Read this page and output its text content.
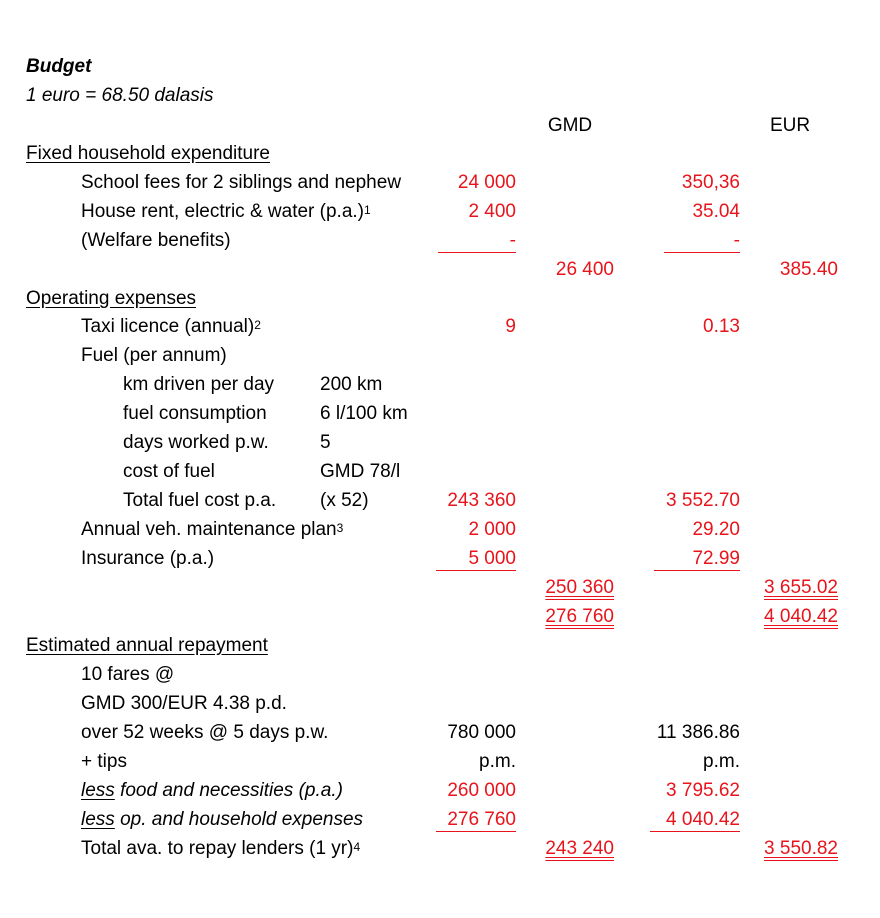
Budget
1 euro = 68.50 dalasis
GMD	EUR
Fixed household expenditure
School fees for 2 siblings and nephew	24 000	350,36
House rent, electric & water $(p.a.)^1$	2 400	35.04
(Welfare benefits)	-	-
26 400	385.40
Operating expenses
Taxi licence (annual)$^2$	9	0.13
Fuel (per annum)
km driven per day 200 km
fuel consumption	6 l/100 km
days worked p.w.	5
cost of fuel	GMD 78/l
Total fuel cost p.a. (x 52)	243 360	3 552.70
Annual veh. maintenance plan$^3$	2 000	29.20
Insurance (p.a.)	5 000	72.99
250 360	3 655.02
276 760	4 040.42
Estimated annual repayment
10 fares @
GMD 300/EUR 4.38 p.d.
over 52 weeks @ 5 days p.w.	780 000	11 386.86
+ tips	p.m.	p.m.
less food and necessities (p.a.)	260 000	3 795.62
less op. and household expenses	276 760	4 040.42
Total ava. to repay lenders (1 yr)$^4$	243 240	3 550.82
